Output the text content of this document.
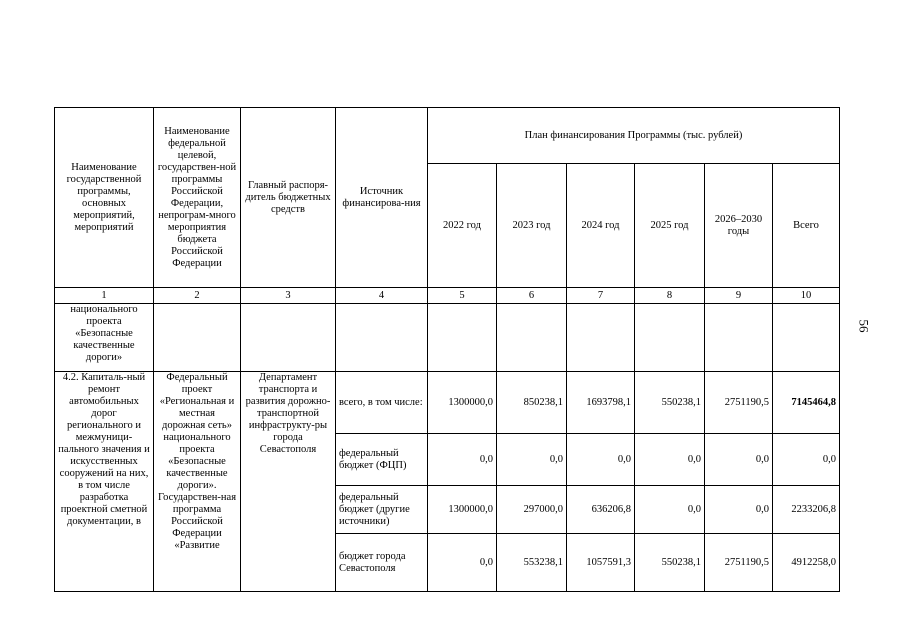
56
Наименование государственной программы, основных мероприятий, мероприятий	Наименование федеральной целевой, государствен-ной программы Российской Федерации, непрограм-много мероприятия бюджета Российской Федерации	Главный распоря-дитель бюджетных средств	Источник финансирова-ния	План финансирования Программы (тыс. рублей)					
				2022 год	2023 год	2024 год	2025 год	2026–2030 годы	Всего
1	2	3	4	5	6	7	8	9	10
национального проекта «Безопасные качественные дороги»									
4.2. Капиталь-ный ремонт автомобильных дорог регионального и межмуници-пального значения и искусственных сооружений на них, в том числе разработка проектной сметной документации, в	Федеральный проект «Региональная и местная дорожная сеть» национального проекта «Безопасные качественные дороги». Государствен-ная программа Российской Федерации «Развитие	Департамент транспорта и развития дорожно-транспортной инфраструкту-ры города Севастополя	всего, в том числе:	1300000,0	850238,1	1693798,1	550238,1	2751190,5	7145464,8
			федеральный бюджет (ФЦП)	0,0	0,0	0,0	0,0	0,0	0,0
			федеральный бюджет (другие источники)	1300000,0	297000,0	636206,8	0,0	0,0	2233206,8
			бюджет города Севастополя	0,0	553238,1	1057591,3	550238,1	2751190,5	4912258,0
